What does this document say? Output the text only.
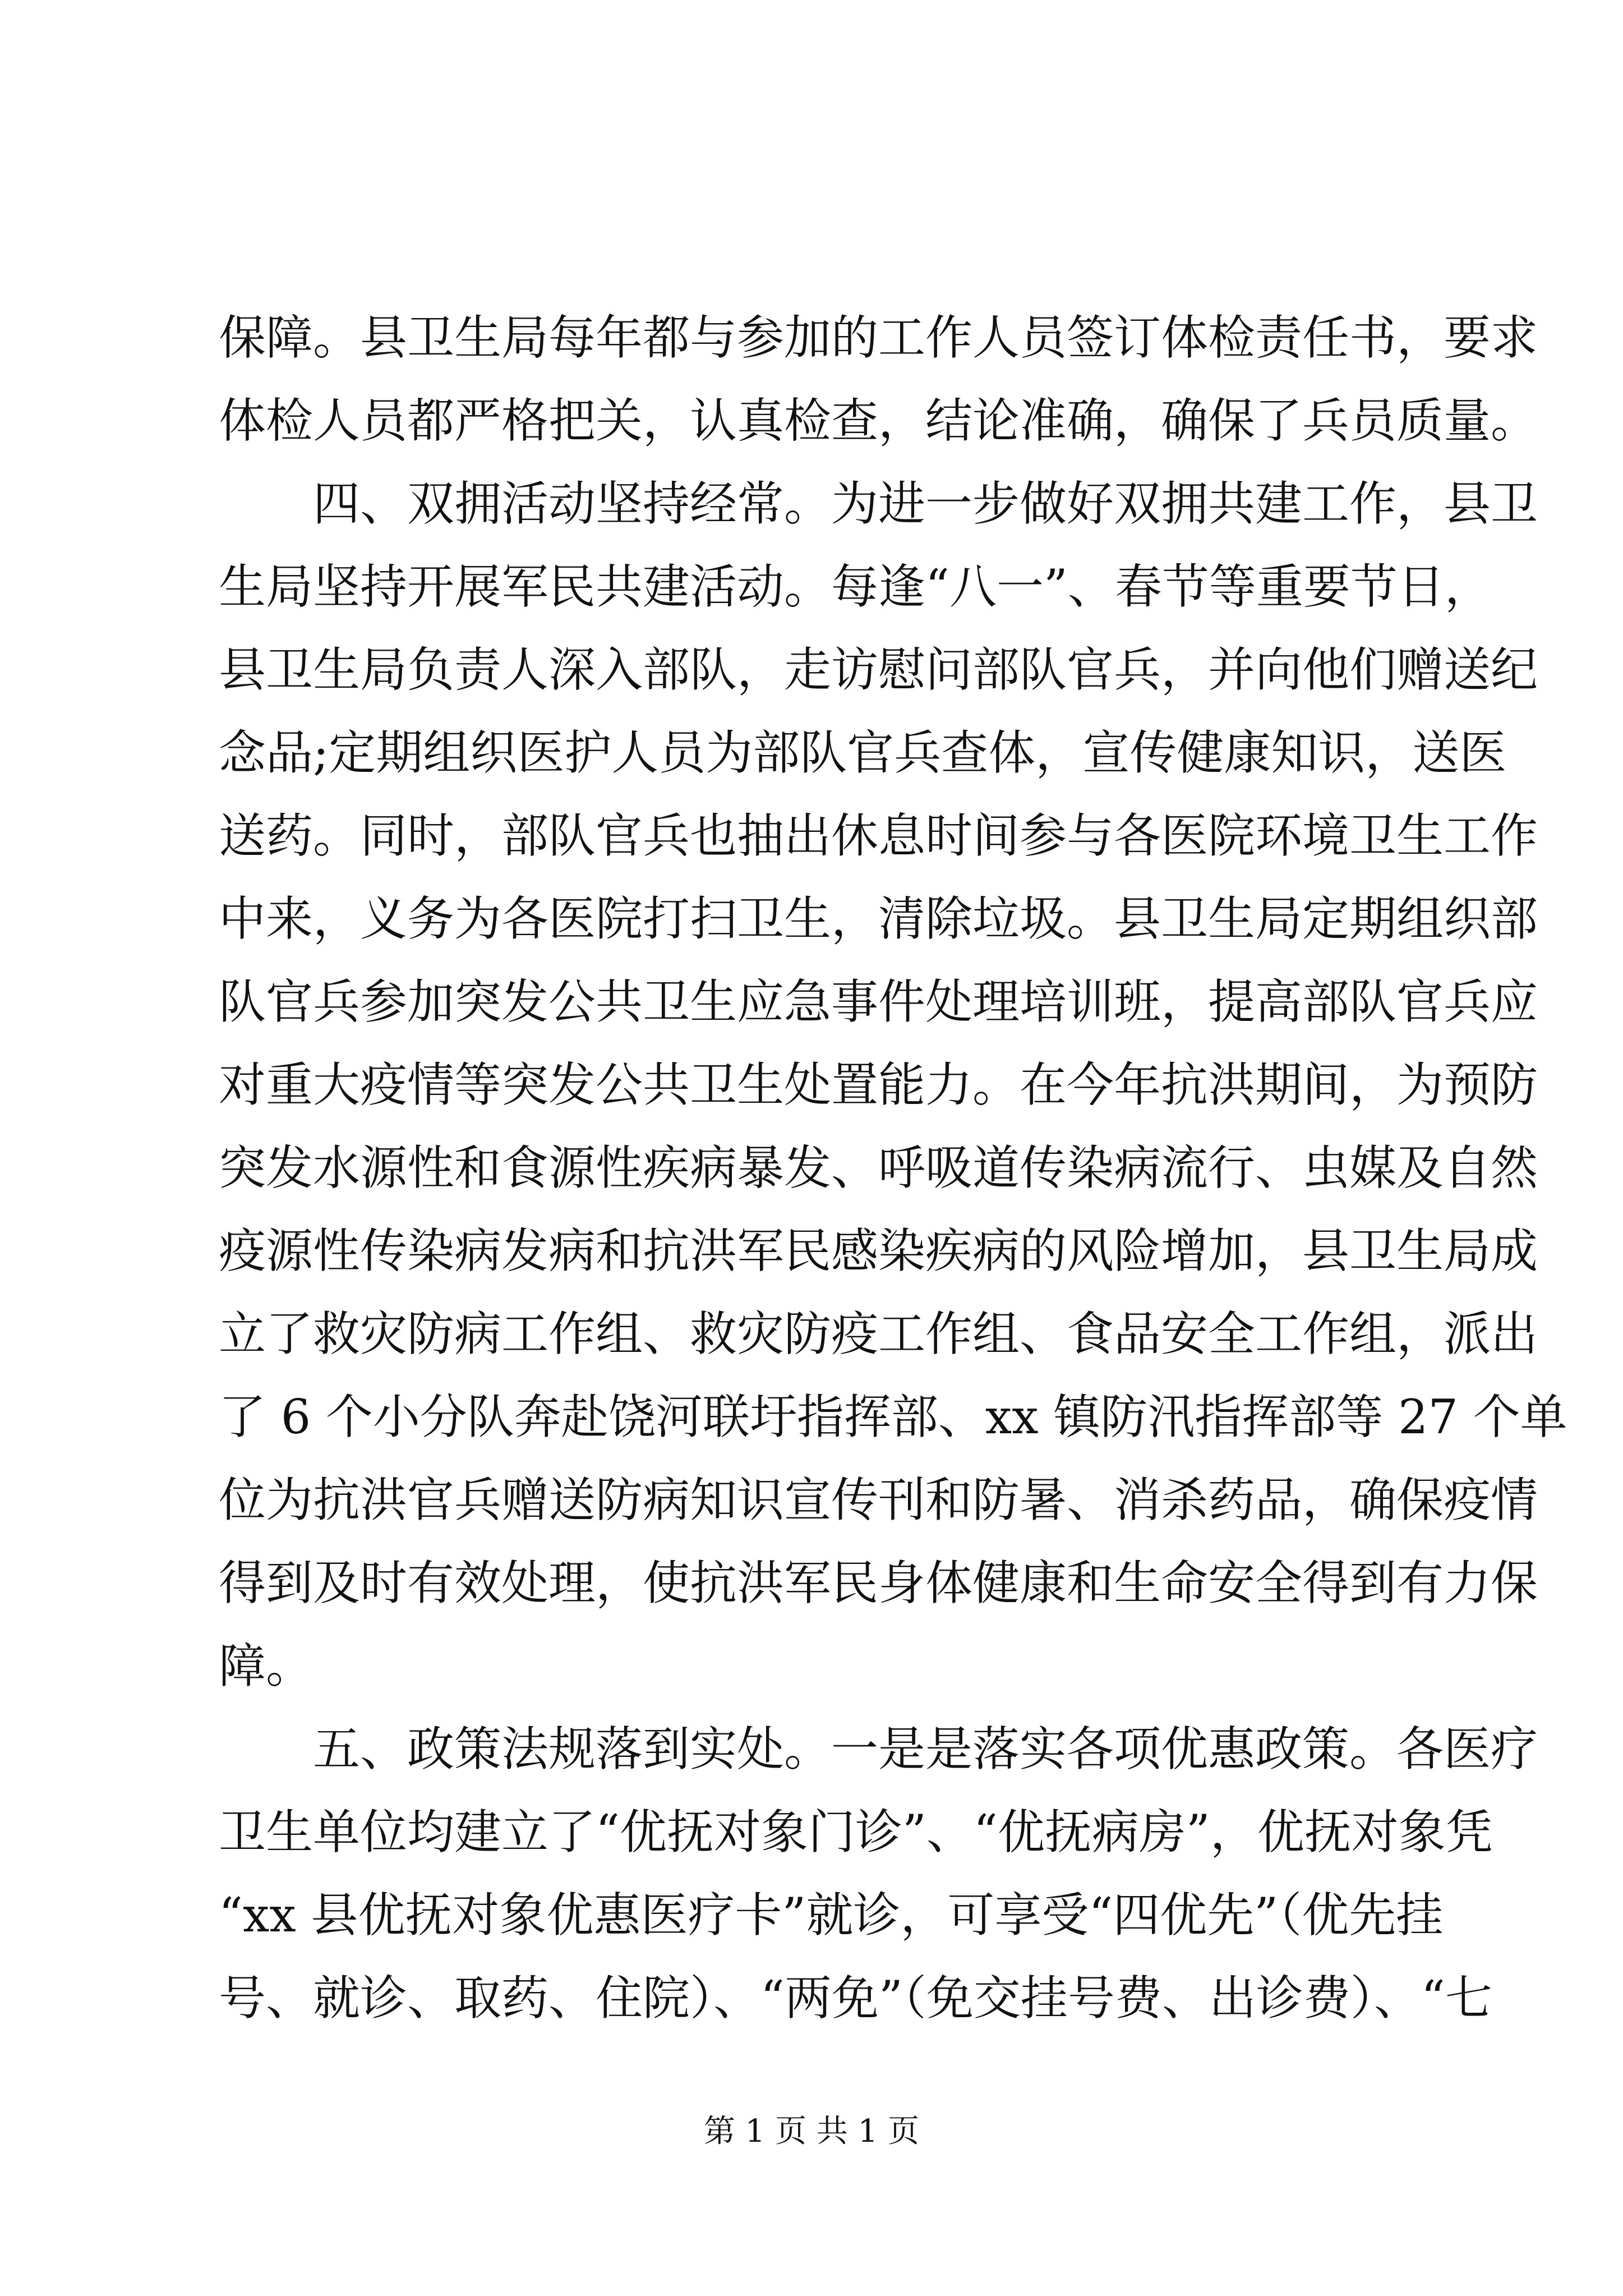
保障。县卫生局每年都与参加的工作人员签订体检责任书，要求

体检人员都严格把关，认真检查，结论准确，确保了兵员质量。

四、双拥活动坚持经常。为进一步做好双拥共建工作，县卫

生局坚持开展军民共建活动。每逢“八一”、春节等重要节日，

县卫生局负责人深入部队，走访慰问部队官兵，并向他们赠送纪

念品;定期组织医护人员为部队官兵查体，宣传健康知识，送医

送药。同时，部队官兵也抽出休息时间参与各医院环境卫生工作

中来，义务为各医院打扫卫生，清除垃圾。县卫生局定期组织部

队官兵参加突发公共卫生应急事件处理培训班，提高部队官兵应

对重大疫情等突发公共卫生处置能力。在今年抗洪期间，为预防

突发水源性和食源性疾病暴发、呼吸道传染病流行、虫媒及自然

疫源性传染病发病和抗洪军民感染疾病的风险增加，县卫生局成

立了救灾防病工作组、救灾防疫工作组、食品安全工作组，派出

了 6 个小分队奔赴饶河联圩指挥部、xx 镇防汛指挥部等 27 个单

位为抗洪官兵赠送防病知识宣传刊和防暑、消杀药品，确保疫情

得到及时有效处理，使抗洪军民身体健康和生命安全得到有力保

障。

五、政策法规落到实处。一是是落实各项优惠政策。各医疗

卫生单位均建立了“优抚对象门诊”、“优抚病房”，优抚对象凭

“xx 县优抚对象优惠医疗卡”就诊，可享受“四优先”（优先挂

号、就诊、取药、住院）、“两免”（免交挂号费、出诊费）、“七

第 1 页 共 1 页
